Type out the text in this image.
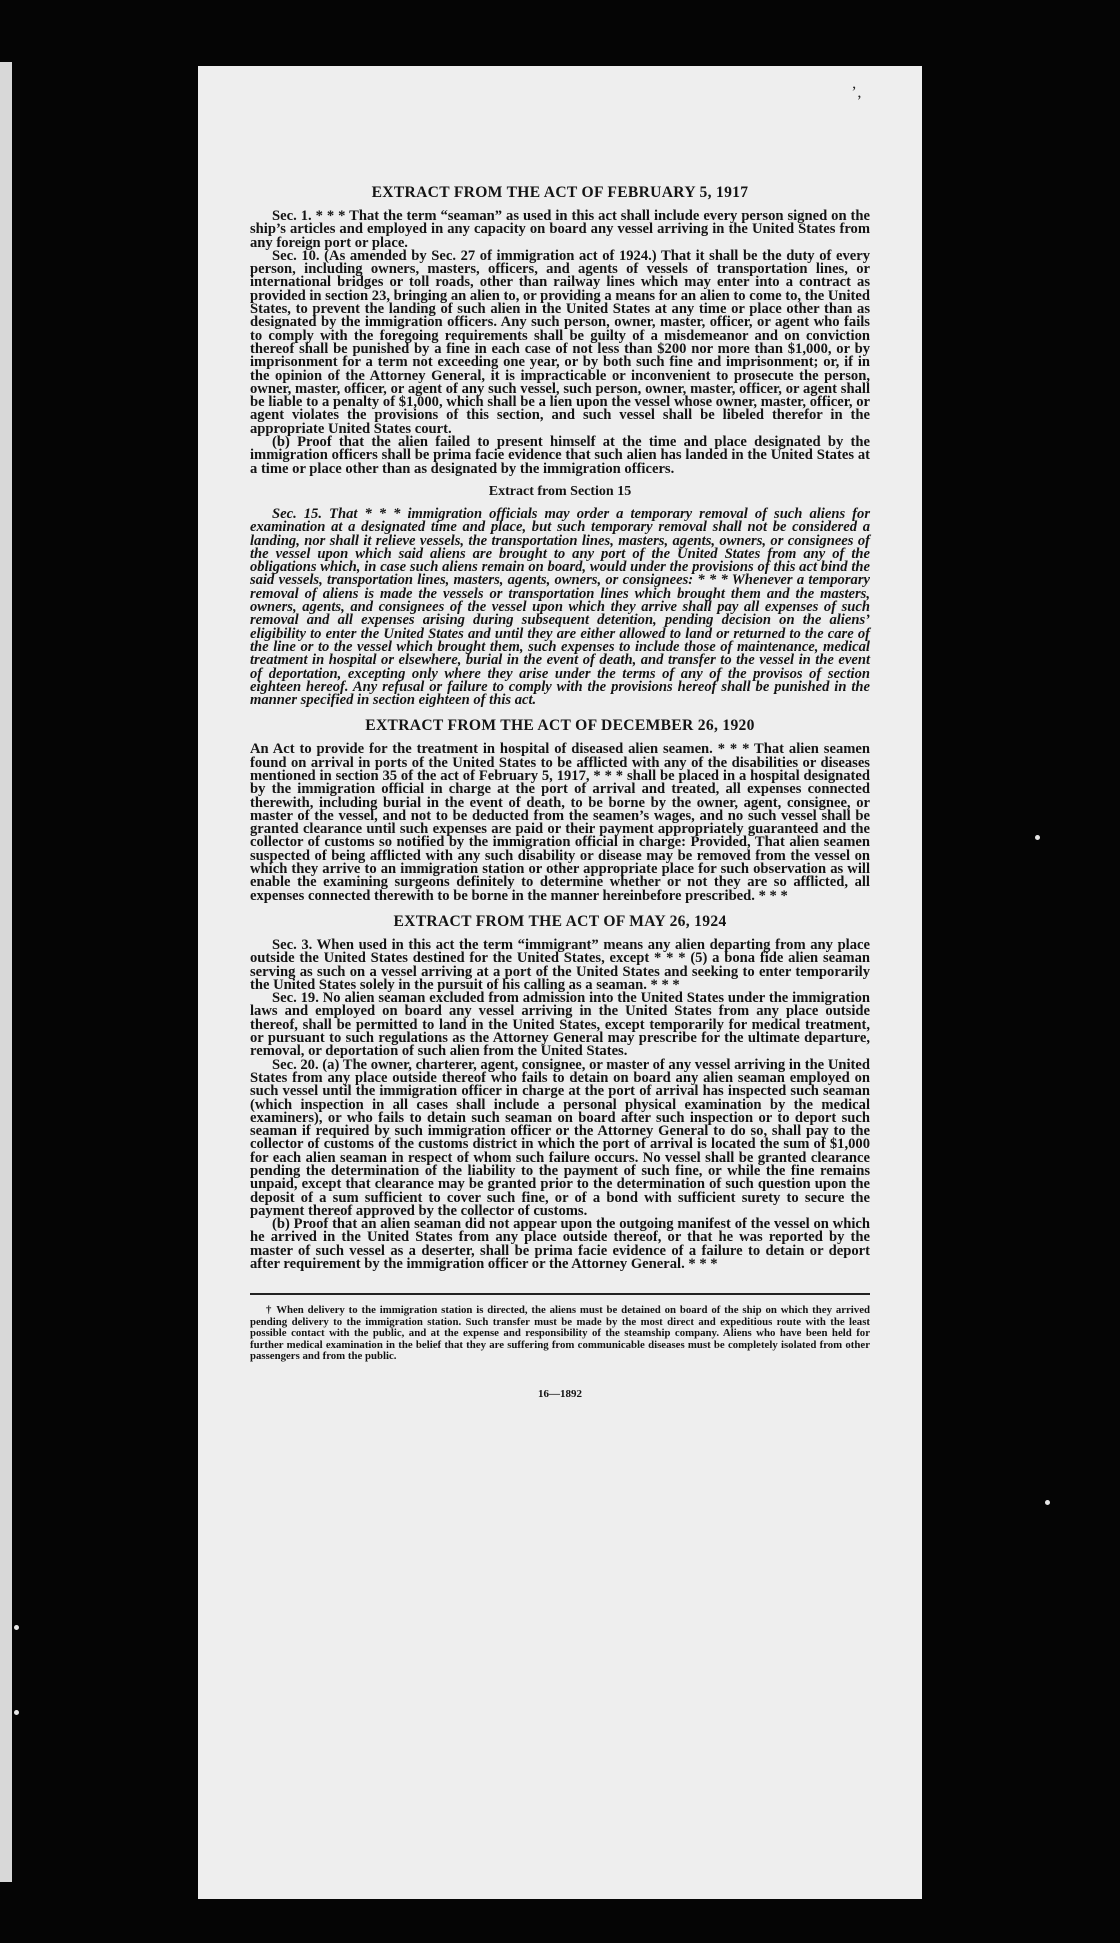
ʼ‚
EXTRACT FROM THE ACT OF FEBRUARY 5, 1917

Sec. 1. * * * That the term “seaman” as used in this act shall include every person signed on the ship’s articles and employed in any capacity on board any vessel arriving in the United States from any foreign port or place.

Sec. 10. (As amended by Sec. 27 of immigration act of 1924.) That it shall be the duty of every person, including owners, masters, officers, and agents of vessels of transportation lines, or international bridges or toll roads, other than railway lines which may enter into a contract as provided in section 23, bringing an alien to, or providing a means for an alien to come to, the United States, to prevent the landing of such alien in the United States at any time or place other than as designated by the immigration officers. Any such person, owner, master, officer, or agent who fails to comply with the foregoing requirements shall be guilty of a misdemeanor and on conviction thereof shall be punished by a fine in each case of not less than $200 nor more than $1,000, or by imprisonment for a term not exceeding one year, or by both such fine and imprisonment; or, if in the opinion of the Attorney General, it is impracticable or inconvenient to prosecute the person, owner, master, officer, or agent of any such vessel, such person, owner, master, officer, or agent shall be liable to a penalty of $1,000, which shall be a lien upon the vessel whose owner, master, officer, or agent violates the provisions of this section, and such vessel shall be libeled therefor in the appropriate United States court.

(b) Proof that the alien failed to present himself at the time and place designated by the immigration officers shall be prima facie evidence that such alien has landed in the United States at a time or place other than as designated by the immigration officers.

Extract from Section 15

Sec. 15. That * * * immigration officials may order a temporary removal of such aliens for examination at a designated time and place, but such temporary removal shall not be considered a landing, nor shall it relieve vessels, the transportation lines, masters, agents, owners, or consignees of the vessel upon which said aliens are brought to any port of the United States from any of the obligations which, in case such aliens remain on board, would under the provisions of this act bind the said vessels, transportation lines, masters, agents, owners, or consignees: * * * Whenever a temporary removal of aliens is made the vessels or transportation lines which brought them and the masters, owners, agents, and consignees of the vessel upon which they arrive shall pay all expenses of such removal and all expenses arising during subsequent detention, pending decision on the aliens’ eligibility to enter the United States and until they are either allowed to land or returned to the care of the line or to the vessel which brought them, such expenses to include those of maintenance, medical treatment in hospital or elsewhere, burial in the event of death, and transfer to the vessel in the event of deportation, excepting only where they arise under the terms of any of the provisos of section eighteen hereof. Any refusal or failure to comply with the provisions hereof shall be punished in the manner specified in section eighteen of this act.

EXTRACT FROM THE ACT OF DECEMBER 26, 1920

An Act to provide for the treatment in hospital of diseased alien seamen. * * * That alien seamen found on arrival in ports of the United States to be afflicted with any of the disabilities or diseases mentioned in section 35 of the act of February 5, 1917, * * * shall be placed in a hospital designated by the immigration official in charge at the port of arrival and treated, all expenses connected therewith, including burial in the event of death, to be borne by the owner, agent, consignee, or master of the vessel, and not to be deducted from the seamen’s wages, and no such vessel shall be granted clearance until such expenses are paid or their payment appropriately guaranteed and the collector of customs so notified by the immigration official in charge: Provided, That alien seamen suspected of being afflicted with any such disability or disease may be removed from the vessel on which they arrive to an immigration station or other appropriate place for such observation as will enable the examining surgeons definitely to determine whether or not they are so afflicted, all expenses connected therewith to be borne in the manner hereinbefore prescribed. * * *

EXTRACT FROM THE ACT OF MAY 26, 1924

Sec. 3. When used in this act the term “immigrant” means any alien departing from any place outside the United States destined for the United States, except * * * (5) a bona fide alien seaman serving as such on a vessel arriving at a port of the United States and seeking to enter temporarily the United States solely in the pursuit of his calling as a seaman. * * *

Sec. 19. No alien seaman excluded from admission into the United States under the immigration laws and employed on board any vessel arriving in the United States from any place outside thereof, shall be permitted to land in the United States, except temporarily for medical treatment, or pursuant to such regulations as the Attorney General may prescribe for the ultimate departure, removal, or deportation of such alien from the United States.

Sec. 20. (a) The owner, charterer, agent, consignee, or master of any vessel arriving in the United States from any place outside thereof who fails to detain on board any alien seaman employed on such vessel until the immigration officer in charge at the port of arrival has inspected such seaman (which inspection in all cases shall include a personal physical examination by the medical examiners), or who fails to detain such seaman on board after such inspection or to deport such seaman if required by such immigration officer or the Attorney General to do so, shall pay to the collector of customs of the customs district in which the port of arrival is located the sum of $1,000 for each alien seaman in respect of whom such failure occurs. No vessel shall be granted clearance pending the determination of the liability to the payment of such fine, or while the fine remains unpaid, except that clearance may be granted prior to the determination of such question upon the deposit of a sum sufficient to cover such fine, or of a bond with sufficient surety to secure the payment thereof approved by the collector of customs.

(b) Proof that an alien seaman did not appear upon the outgoing manifest of the vessel on which he arrived in the United States from any place outside thereof, or that he was reported by the master of such vessel as a deserter, shall be prima facie evidence of a failure to detain or deport after requirement by the immigration officer or the Attorney General. * * *

† When delivery to the immigration station is directed, the aliens must be detained on board of the ship on which they arrived pending delivery to the immigration station. Such transfer must be made by the most direct and expeditious route with the least possible contact with the public, and at the expense and responsibility of the steamship company. Aliens who have been held for further medical examination in the belief that they are suffering from communicable diseases must be completely isolated from other passengers and from the public.

16—1892
